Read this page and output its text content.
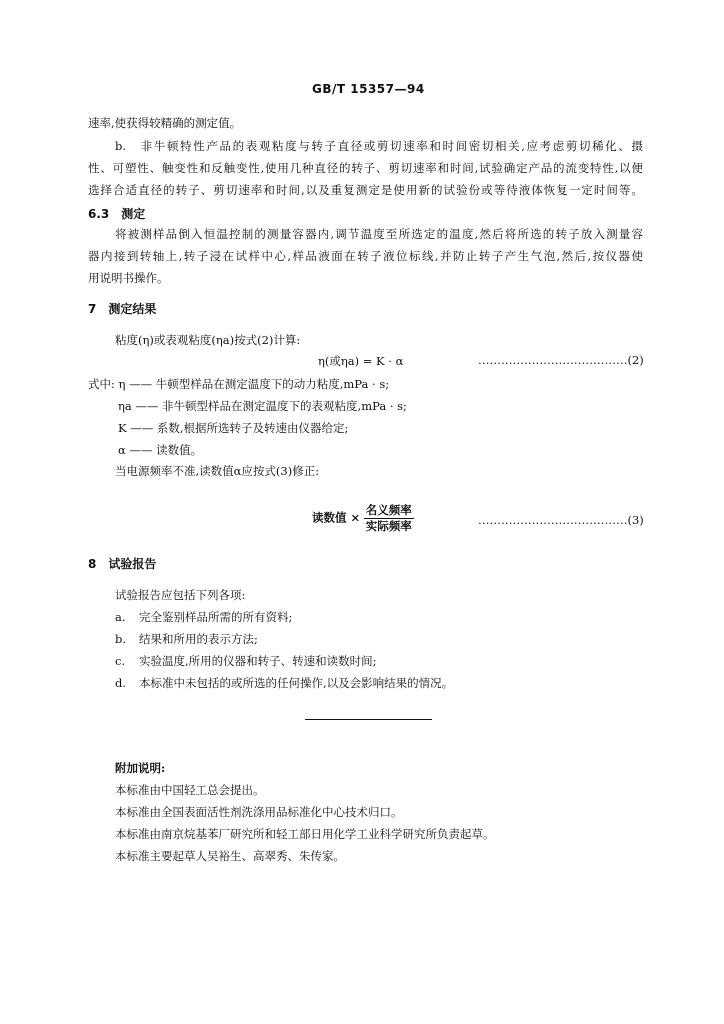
GB/T 15357—94
速率,使获得较精确的测定值。
b.　非牛顿特性产品的表观粘度与转子直径或剪切速率和时间密切相关,应考虑剪切稀化、摄
性、可塑性、触变性和反触变性,使用几种直径的转子、剪切速率和时间,试验确定产品的流变特性,以便
选择合适直径的转子、剪切速率和时间,以及重复测定是使用新的试验份或等待液体恢复一定时间等。
6.3　测定
将被测样品倒入恒温控制的测量容器内,调节温度至所选定的温度,然后将所选的转子放入测量容
器内接到转轴上,转子浸在试样中心,样品液面在转子液位标线,并防止转子产生气泡,然后,按仪器使
用说明书操作。
7　测定结果
粘度(η)或表观粘度(ηa)按式(2)计算:
η(或ηa) = K · α	…………………………………(2)
式中: η —— 牛顿型样品在测定温度下的动力粘度,mPa · s;
ηa —— 非牛顿型样品在测定温度下的表观粘度,mPa · s;
K —— 系数,根据所选转子及转速由仪器给定;
α —— 读数值。
当电源频率不准,读数值α应按式(3)修正:
读数值 × $\frac{\text{名义频率}}{\text{实际频率}}$	…………………………………(3)
8　试验报告
试验报告应包括下列各项:
a. 完全鉴别样品所需的所有资料;
b. 结果和所用的表示方法;
c. 实验温度,所用的仪器和转子、转速和读数时间;
d. 本标准中未包括的或所选的任何操作,以及会影响结果的情况。
附加说明:
本标准由中国轻工总会提出。
本标准由全国表面活性剂洗涤用品标准化中心技术归口。
本标准由南京烷基苯厂研究所和轻工部日用化学工业科学研究所负责起草。
本标准主要起草人吴裕生、高翠秀、朱传家。
